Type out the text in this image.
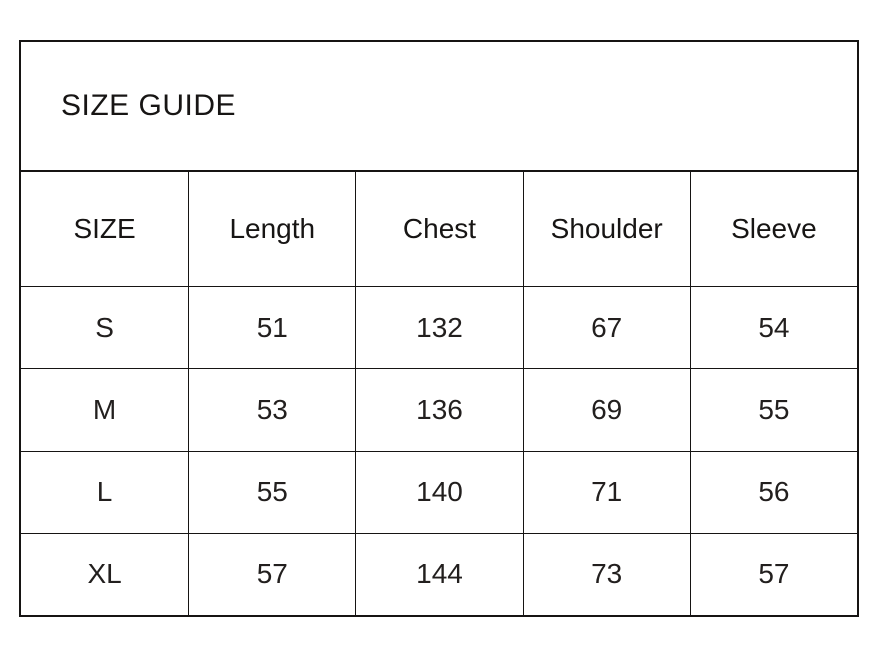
SIZE GUIDE
SIZE	Length	Chest	Shoulder	Sleeve
S	51	132	67	54
M	53	136	69	55
L	55	140	71	56
XL	57	144	73	57
